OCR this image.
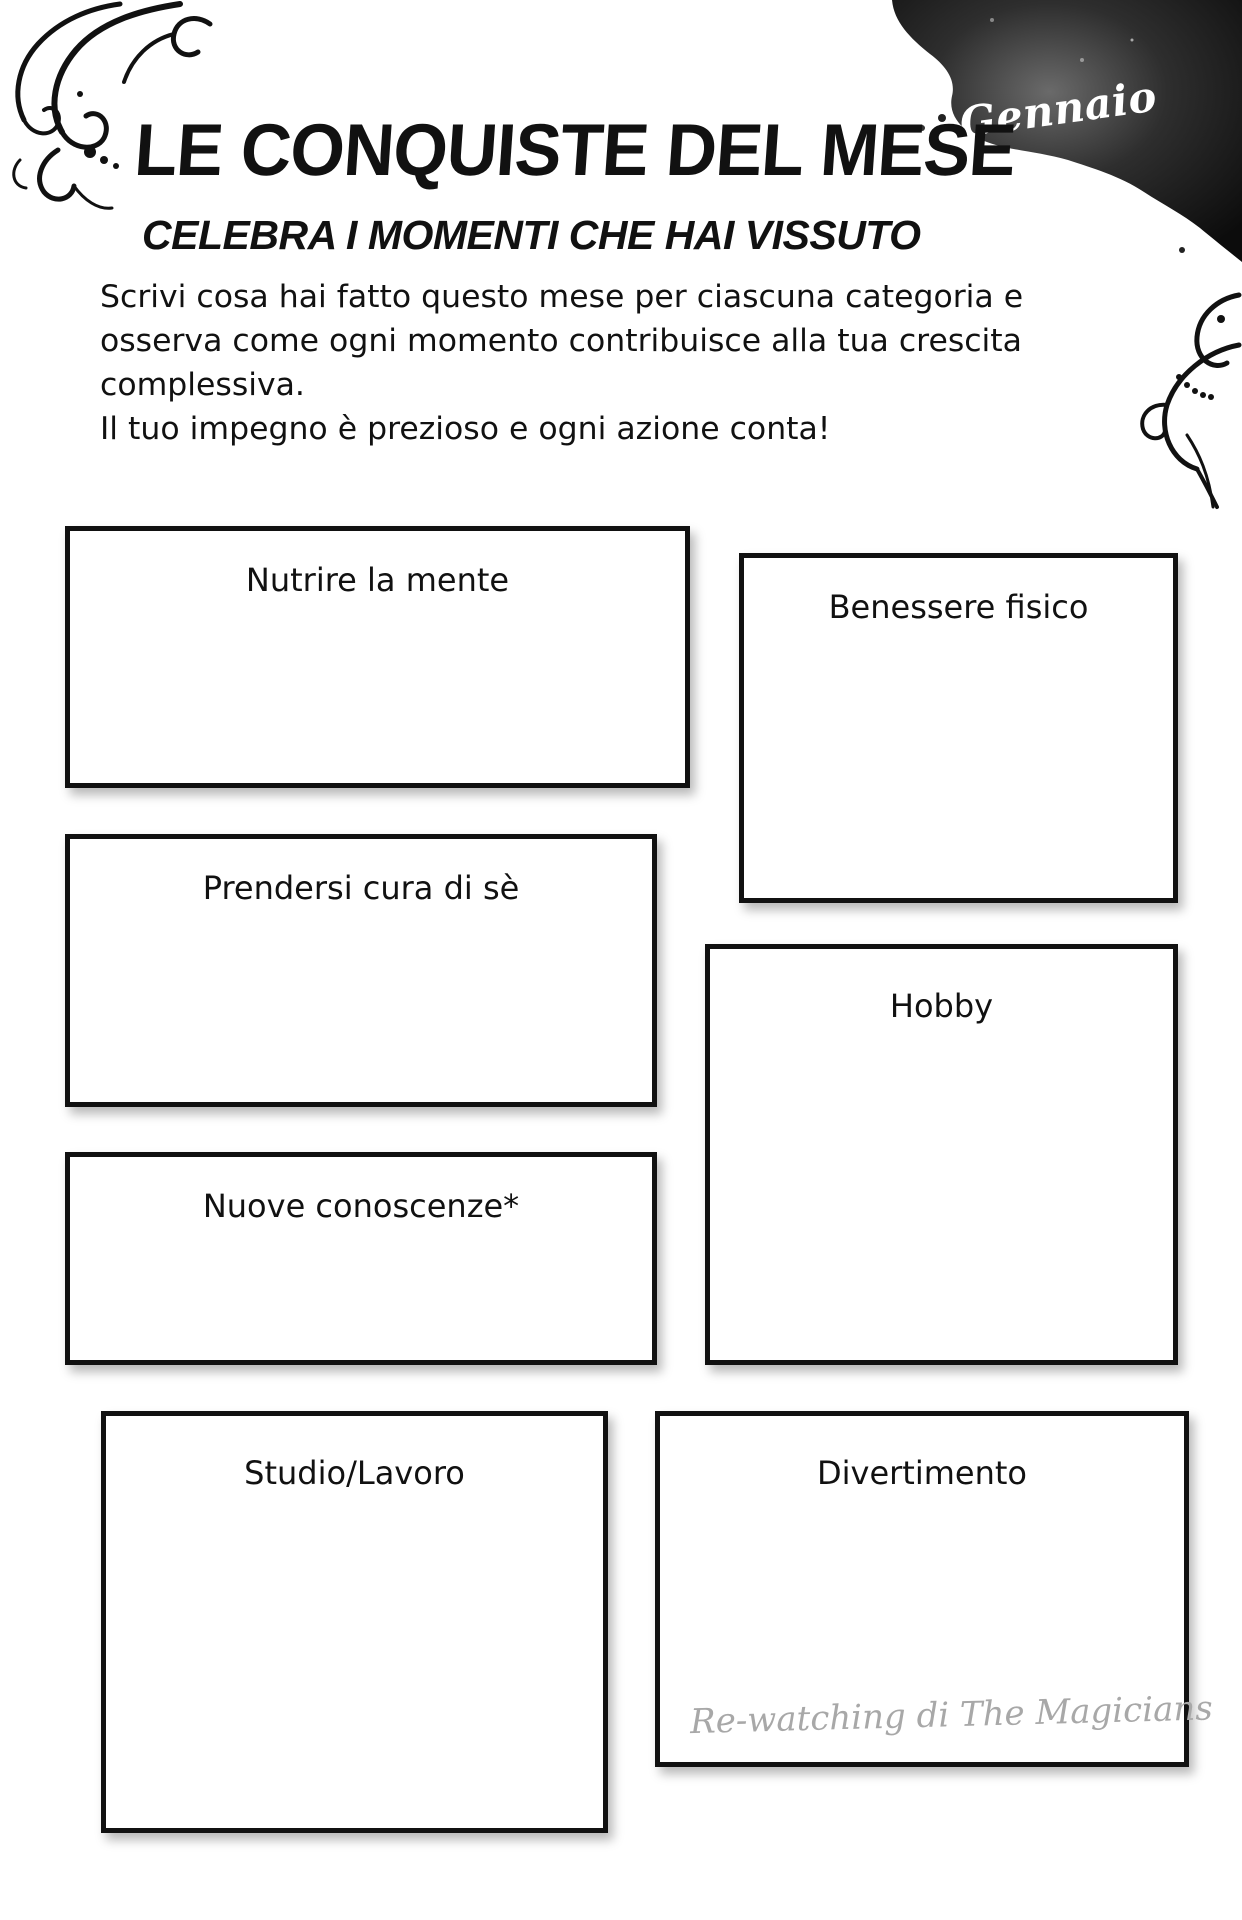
Gennaio
LE CONQUISTE DEL MESE
CELEBRA I MOMENTI CHE HAI VISSUTO

Scrivi cosa hai fatto questo mese per ciascuna categoria e osserva come ogni momento contribuisce alla tua crescita complessiva.

Il tuo impegno è prezioso e ogni azione conta!

Nutrire la mente
Benessere fisico
Prendersi cura di sè
Hobby
Nuove conoscenze*
Studio/Lavoro	Divertimento
Re-watching di The Magicians
